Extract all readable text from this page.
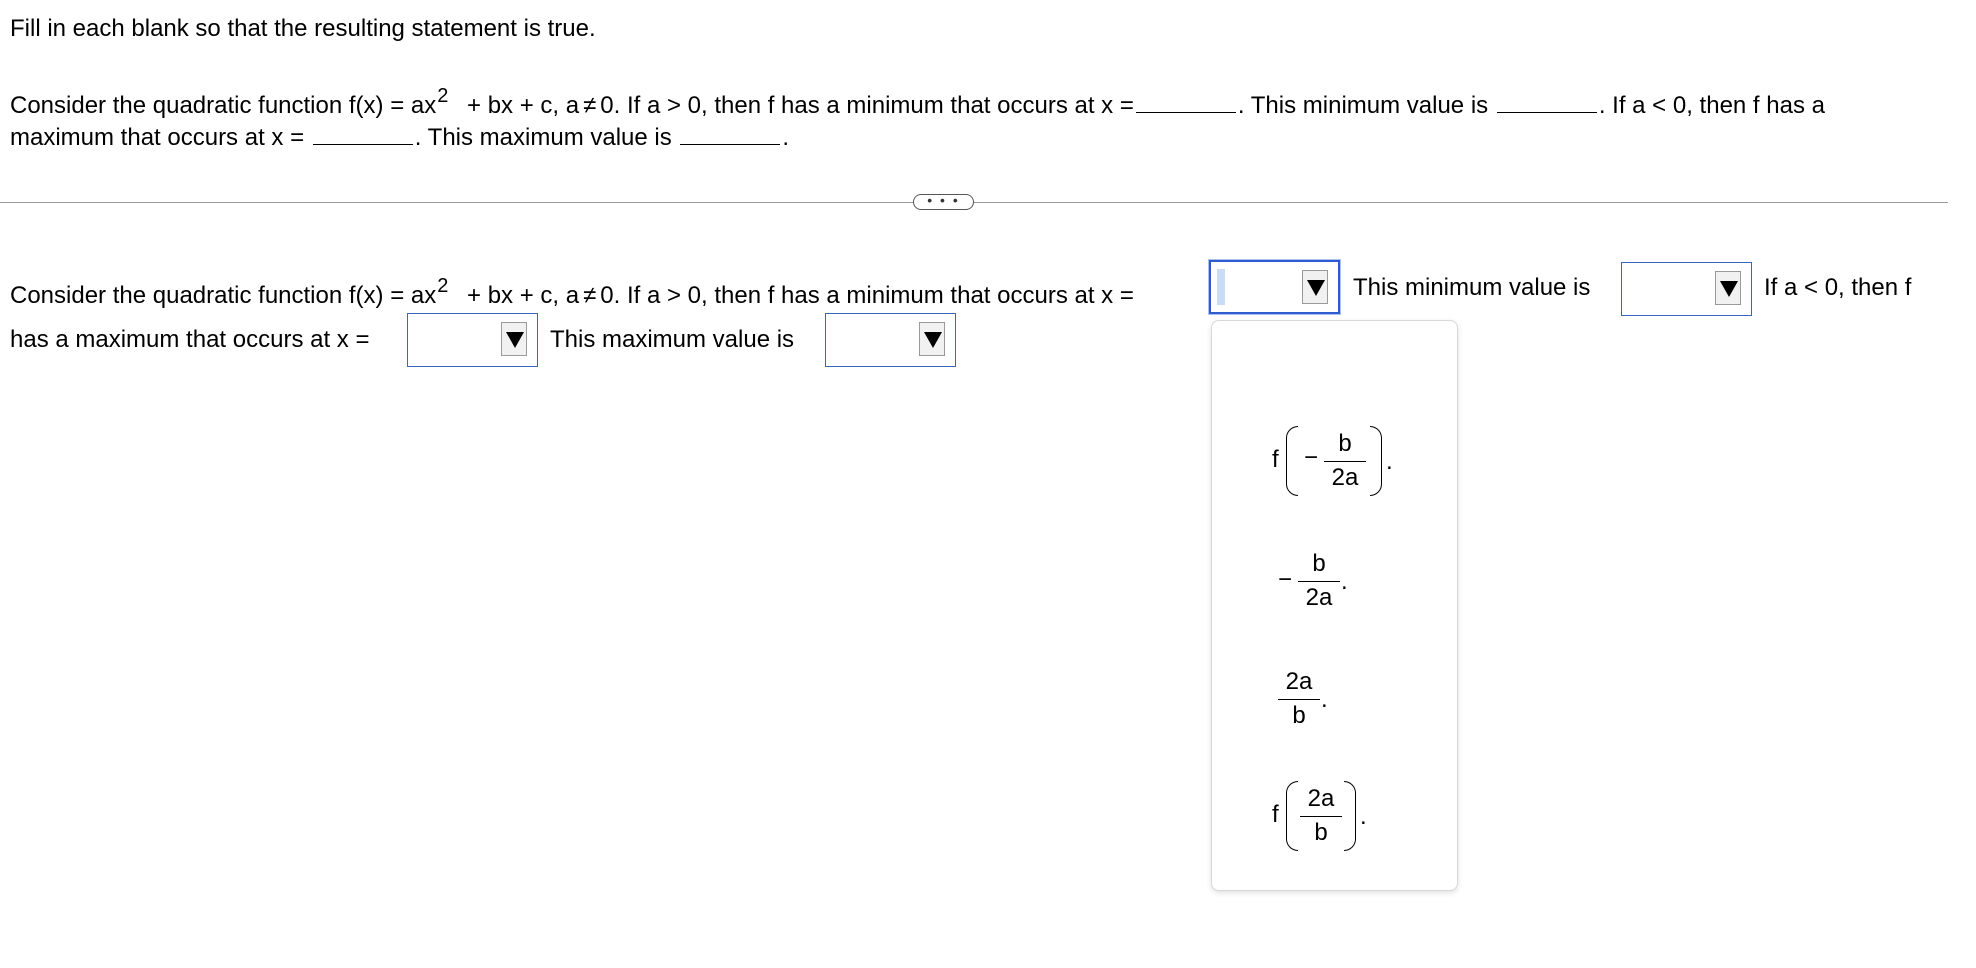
Fill in each blank so that the resulting statement is true.
Consider the quadratic function $f(x) = ax^2$ + bx + c, a ≠ 0. If a > 0, then f has a minimum that occurs at x =	. This minimum value is	. If a < 0, then f has a
maximum that occurs at x =	. This maximum value is	.
• • •
Consider the quadratic function $f(x) = ax^2$ + bx + c, a ≠ 0. If a > 0, then f has a minimum that occurs at x =	This minimum value is	If a < 0, then f
has a maximum that occurs at x =	This maximum value is
f −
b
2a
.
−
b
2a
.
2a
b
.
f
2a
b
.
